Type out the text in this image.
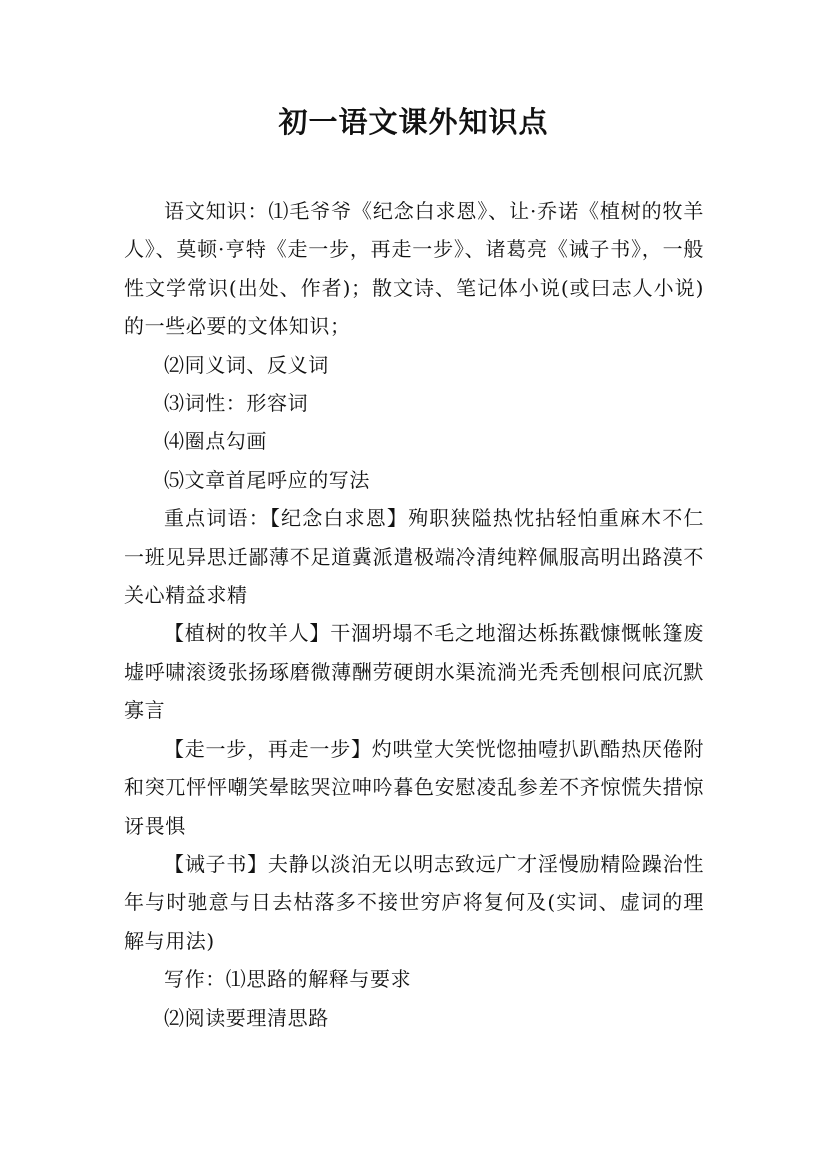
初一语文课外知识点

语文知识：⑴毛爷爷《纪念白求恩》、让·乔诺《植树的牧羊人》、莫顿·亨特《走一步，再走一步》、诸葛亮《诫子书》，一般性文学常识(出处、作者)；散文诗、笔记体小说(或曰志人小说)的一些必要的文体知识；

⑵同义词、反义词

⑶词性：形容词

⑷圈点勾画

⑸文章首尾呼应的写法

重点词语：【纪念白求恩】殉职狭隘热忱拈轻怕重麻木不仁一班见异思迁鄙薄不足道冀派遣极端冷清纯粹佩服高明出路漠不关心精益求精

【植树的牧羊人】干涸坍塌不毛之地溜达栎拣戳慷慨帐篷废墟呼啸滚烫张扬琢磨微薄酬劳硬朗水渠流淌光秃秃刨根问底沉默寡言

【走一步，再走一步】灼哄堂大笑恍惚抽噎扒趴酷热厌倦附和突兀怦怦嘲笑晕眩哭泣呻吟暮色安慰凌乱参差不齐惊慌失措惊讶畏惧

【诫子书】夫静以淡泊无以明志致远广才淫慢励精险躁治性年与时驰意与日去枯落多不接世穷庐将复何及(实词、虚词的理解与用法)

写作：⑴思路的解释与要求

⑵阅读要理清思路
